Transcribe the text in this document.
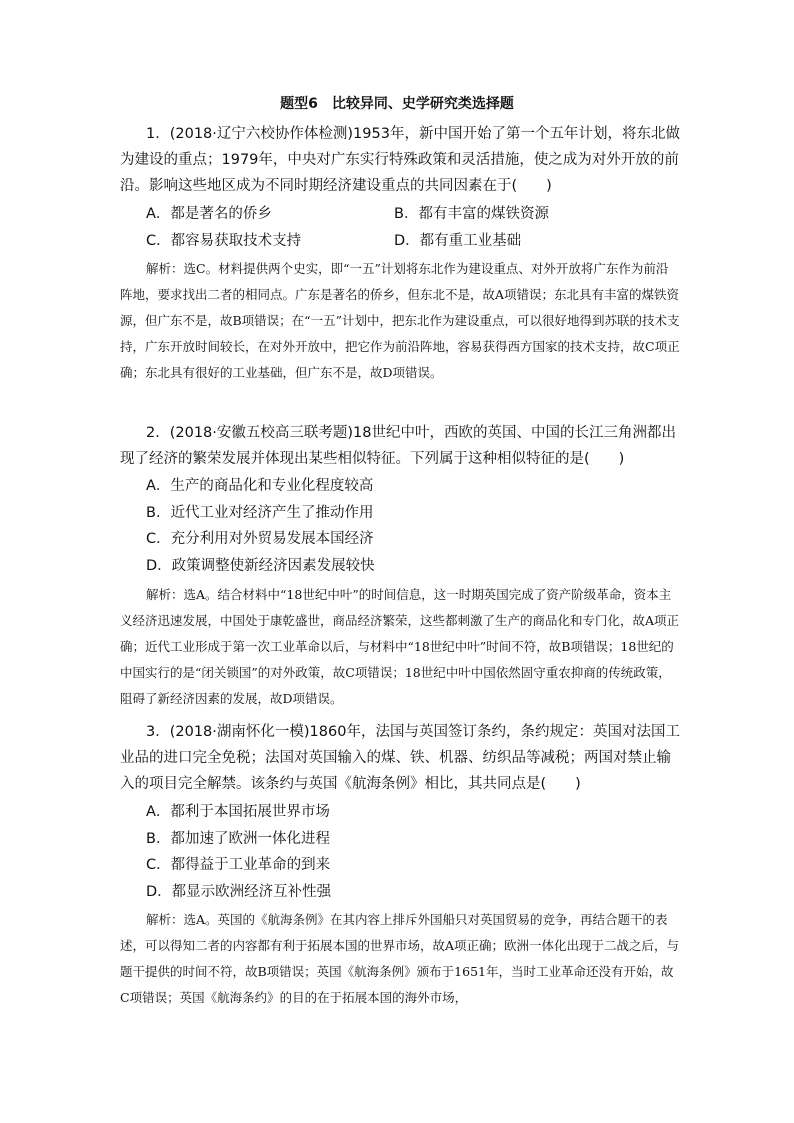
题型6　比较异同、史学研究类选择题

1．(2018·辽宁六校协作体检测)1953年，新中国开始了第一个五年计划，将东北做为建设的重点；1979年，中央对广东实行特殊政策和灵活措施，使之成为对外开放的前沿。影响这些地区成为不同时期经济建设重点的共同因素在于(　　)

A．都是著名的侨乡	B．都有丰富的煤铁资源
C．都容易获取技术支持	D．都有重工业基础

解析：选C。材料提供两个史实，即“一五”计划将东北作为建设重点、对外开放将广东作为前沿阵地，要求找出二者的相同点。广东是著名的侨乡，但东北不是，故A项错误；东北具有丰富的煤铁资源，但广东不是，故B项错误；在“一五”计划中，把东北作为建设重点，可以很好地得到苏联的技术支持，广东开放时间较长，在对外开放中，把它作为前沿阵地，容易获得西方国家的技术支持，故C项正确；东北具有很好的工业基础，但广东不是，故D项错误。

2．(2018·安徽五校高三联考题)18世纪中叶，西欧的英国、中国的长江三角洲都出现了经济的繁荣发展并体现出某些相似特征。下列属于这种相似特征的是(　　)

A．生产的商品化和专业化程度较高
B．近代工业对经济产生了推动作用
C．充分利用对外贸易发展本国经济
D．政策调整使新经济因素发展较快

解析：选A。结合材料中“18世纪中叶”的时间信息，这一时期英国完成了资产阶级革命，资本主义经济迅速发展，中国处于康乾盛世，商品经济繁荣，这些都刺激了生产的商品化和专门化，故A项正确；近代工业形成于第一次工业革命以后，与材料中“18世纪中叶”时间不符，故B项错误；18世纪的中国实行的是“闭关锁国”的对外政策，故C项错误；18世纪中叶中国依然固守重农抑商的传统政策，阻碍了新经济因素的发展，故D项错误。

3．(2018·湖南怀化一模)1860年，法国与英国签订条约，条约规定：英国对法国工业品的进口完全免税；法国对英国输入的煤、铁、机器、纺织品等减税；两国对禁止输入的项目完全解禁。该条约与英国《航海条例》相比，其共同点是(　　)

A．都利于本国拓展世界市场
B．都加速了欧洲一体化进程
C．都得益于工业革命的到来
D．都显示欧洲经济互补性强

解析：选A。英国的《航海条例》在其内容上排斥外国船只对英国贸易的竞争，再结合题干的表述，可以得知二者的内容都有利于拓展本国的世界市场，故A项正确；欧洲一体化出现于二战之后，与题干提供的时间不符，故B项错误；英国《航海条例》颁布于1651年，当时工业革命还没有开始，故C项错误；英国《航海条约》的目的在于拓展本国的海外市场，
